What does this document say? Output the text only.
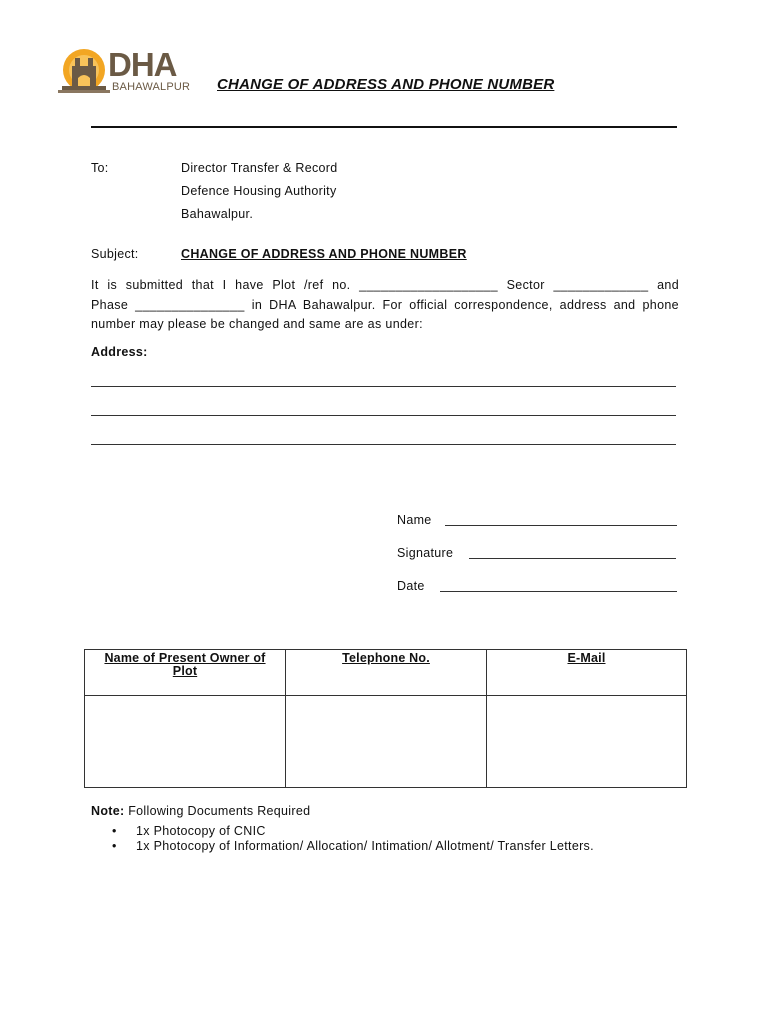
DHA
BAHAWALPUR CHANGE OF ADDRESS AND PHONE NUMBER
To:	Director Transfer & Record
Defence Housing Authority
Bahawalpur.
Subject:	CHANGE OF ADDRESS AND PHONE NUMBER
It is submitted that I have Plot /ref no. ___________________ Sector _____________ and
Phase _______________ in DHA Bahawalpur. For official correspondence, address and phone
number may please be changed and same are as under:
Address:
Name
Signature
Date
Name of Present Owner of Plot	Telephone No.	E-Mail

Note: Following Documents Required
• 1x Photocopy of CNIC
• 1x Photocopy of Information/ Allocation/ Intimation/ Allotment/ Transfer Letters.
